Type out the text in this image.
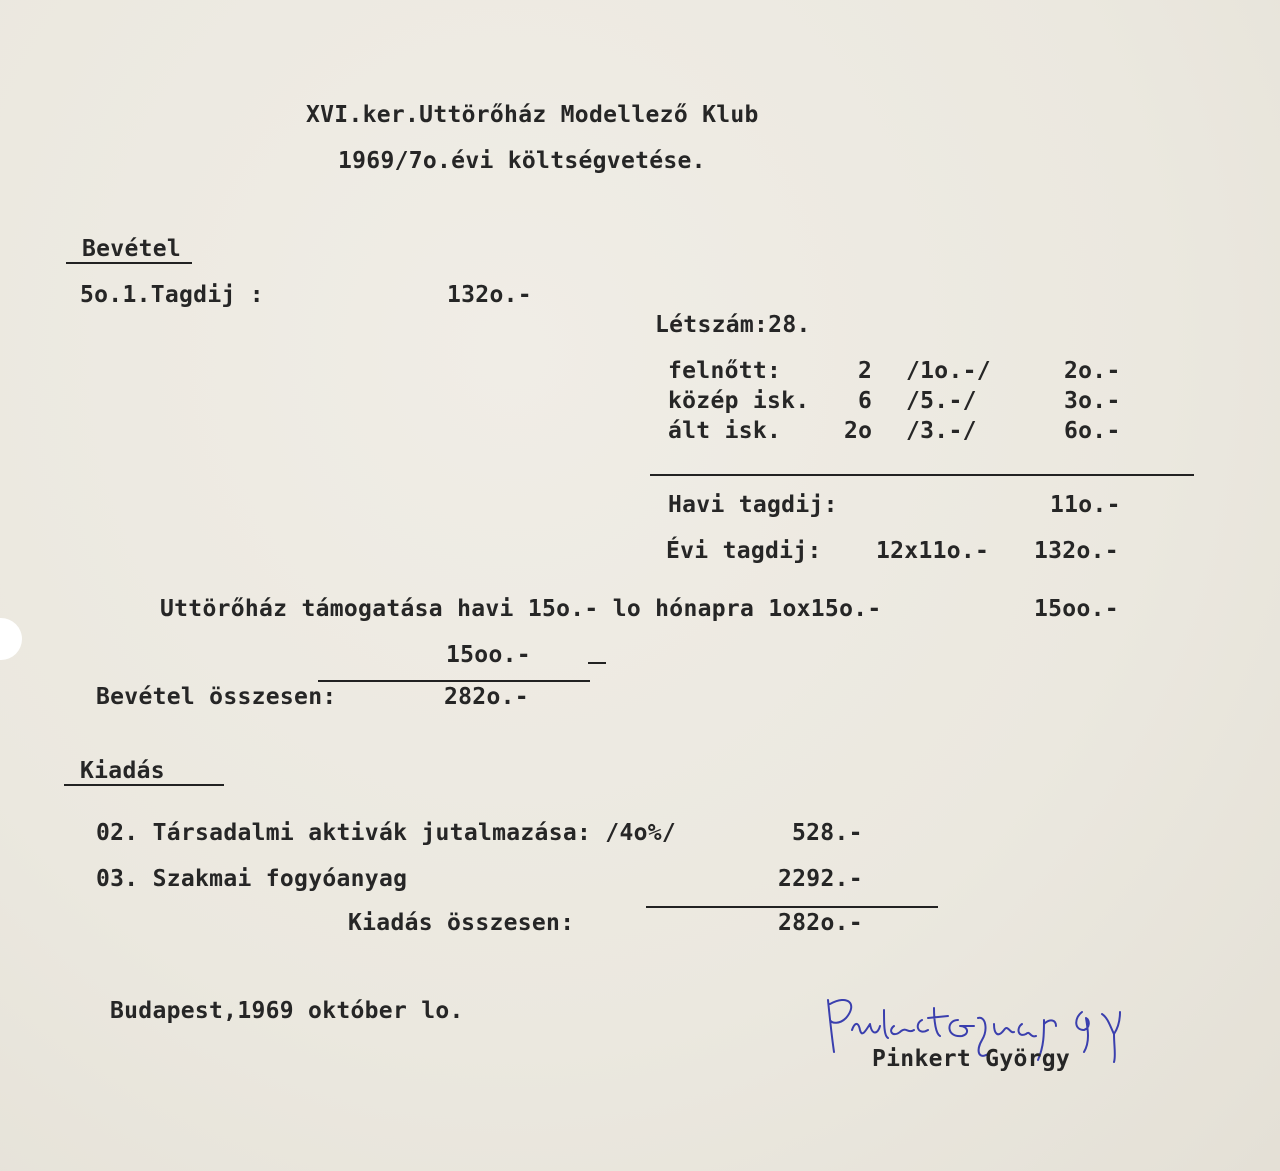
XVI.ker.Uttörőház Modellező Klub
1969/7o.évi költségvetése.
Bevétel
5o.1.Tagdij :	132o.-
Létszám:28.
felnőtt:	2 /1o.-/	2o.-
közép isk. 6 /5.-/	3o.-
ált isk.	2o /3.-/	6o.-
Havi tagdij:	11o.-
Évi tagdij: 12x11o.- 132o.-
Uttörőház támogatása havi 15o.- lo hónapra 1ox15o.-	15oo.-
15oo.-
Bevétel összesen:	282o.-
Kiadás
02. Társadalmi aktivák jutalmazása: /4o%/	528.-
03. Szakmai fogyóanyag	2292.-
Kiadás összesen:	282o.-
Budapest,1969 október lo.
Pinkert György
